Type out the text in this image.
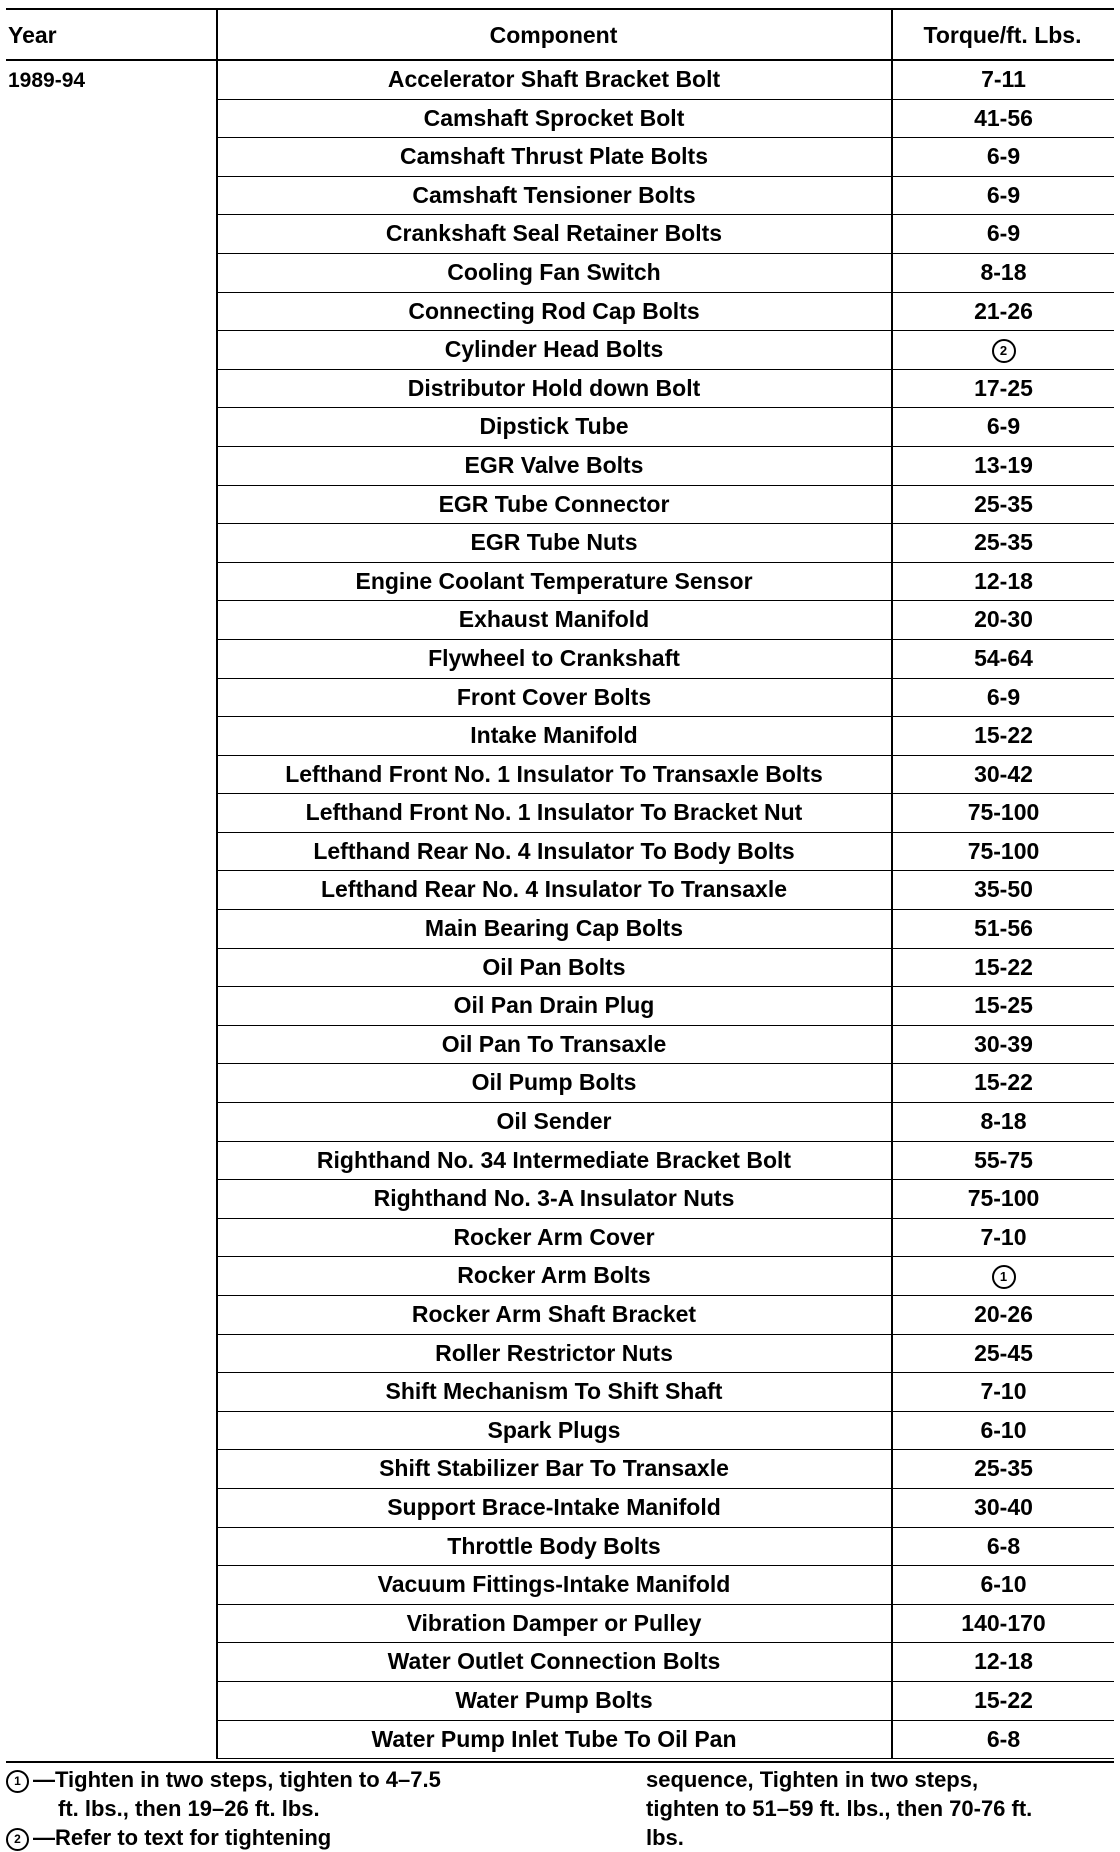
Year	Component	Torque/ft. Lbs.
1989-94	Accelerator Shaft Bracket Bolt	7-11
Camshaft Sprocket Bolt	41-56
Camshaft Thrust Plate Bolts	6-9
Camshaft Tensioner Bolts	6-9
Crankshaft Seal Retainer Bolts	6-9
Cooling Fan Switch	8-18
Connecting Rod Cap Bolts	21-26
Cylinder Head Bolts	2
Distributor Hold down Bolt	17-25
Dipstick Tube	6-9
EGR Valve Bolts	13-19
EGR Tube Connector	25-35
EGR Tube Nuts	25-35
Engine Coolant Temperature Sensor	12-18
Exhaust Manifold	20-30
Flywheel to Crankshaft	54-64
Front Cover Bolts	6-9
Intake Manifold	15-22
Lefthand Front No. 1 Insulator To Transaxle Bolts	30-42
Lefthand Front No. 1 Insulator To Bracket Nut	75-100
Lefthand Rear No. 4 Insulator To Body Bolts	75-100
Lefthand Rear No. 4 Insulator To Transaxle	35-50
Main Bearing Cap Bolts	51-56
Oil Pan Bolts	15-22
Oil Pan Drain Plug	15-25
Oil Pan To Transaxle	30-39
Oil Pump Bolts	15-22
Oil Sender	8-18
Righthand No. 34 Intermediate Bracket Bolt	55-75
Righthand No. 3-A Insulator Nuts	75-100
Rocker Arm Cover	7-10
Rocker Arm Bolts	1
Rocker Arm Shaft Bracket	20-26
Roller Restrictor Nuts	25-45
Shift Mechanism To Shift Shaft	7-10
Spark Plugs	6-10
Shift Stabilizer Bar To Transaxle	25-35
Support Brace-Intake Manifold	30-40
Throttle Body Bolts	6-8
Vacuum Fittings-Intake Manifold	6-10
Vibration Damper or Pulley	140-170
Water Outlet Connection Bolts	12-18
Water Pump Bolts	15-22
Water Pump Inlet Tube To Oil Pan	6-8
1 —Tighten in two steps, tighten to 4–7.5
ft. lbs., then 19–26 ft. lbs.
2 —Refer to text for tightening
sequence, Tighten in two steps,
tighten to 51–59 ft. lbs., then 70-76 ft.
lbs.
